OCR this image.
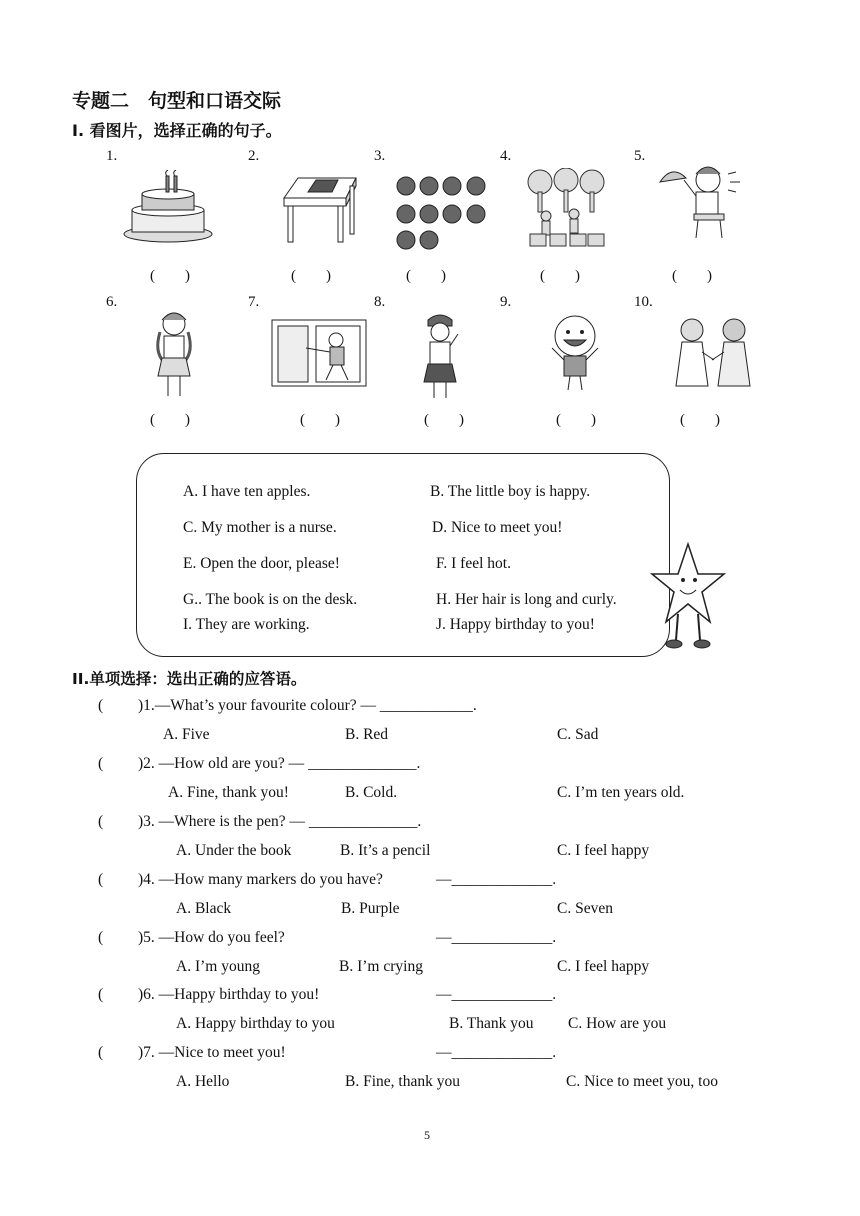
专题二　句型和口语交际
Ⅰ. 看图片，选择正确的句子。
1.	2.	3.	4.	5.
(　　)	(　　)	(　　)	(　　)	(　　)
6.	7.	8.	9.	10.
(　　)	(　　)	(　　)	(　　)	(　　)
A. I have ten apples.	B. The little boy is happy.
C. My mother is a nurse.	D. Nice to meet you!
E. Open the door, please!	F. I feel hot.
G.. The book is on the desk.	H. Her hair is long and curly.
I. They are working.	J. Happy birthday to you!
II.单项选择：选出正确的应答语。
( )1.—What’s your favourite colour? — ____________.
A. Five	B. Red	C. Sad
( )2. —How old are you? — ______________.
A. Fine, thank you!	B. Cold.	C. I’m ten years old.
( )3. —Where is the pen? — ______________.
A. Under the book	B. It’s a pencil	C. I feel happy
( )4. —How many markers do you have?	—_____________.
A. Black	B. Purple	C. Seven
( )5. —How do you feel?	—_____________.
A. I’m young	B. I’m crying	C. I feel happy
( )6. —Happy birthday to you!	—_____________.
A. Happy birthday to you	B. Thank you C. How are you
( )7. —Nice to meet you!	—_____________.
A. Hello	B. Fine, thank you	C. Nice to meet you, too
5
